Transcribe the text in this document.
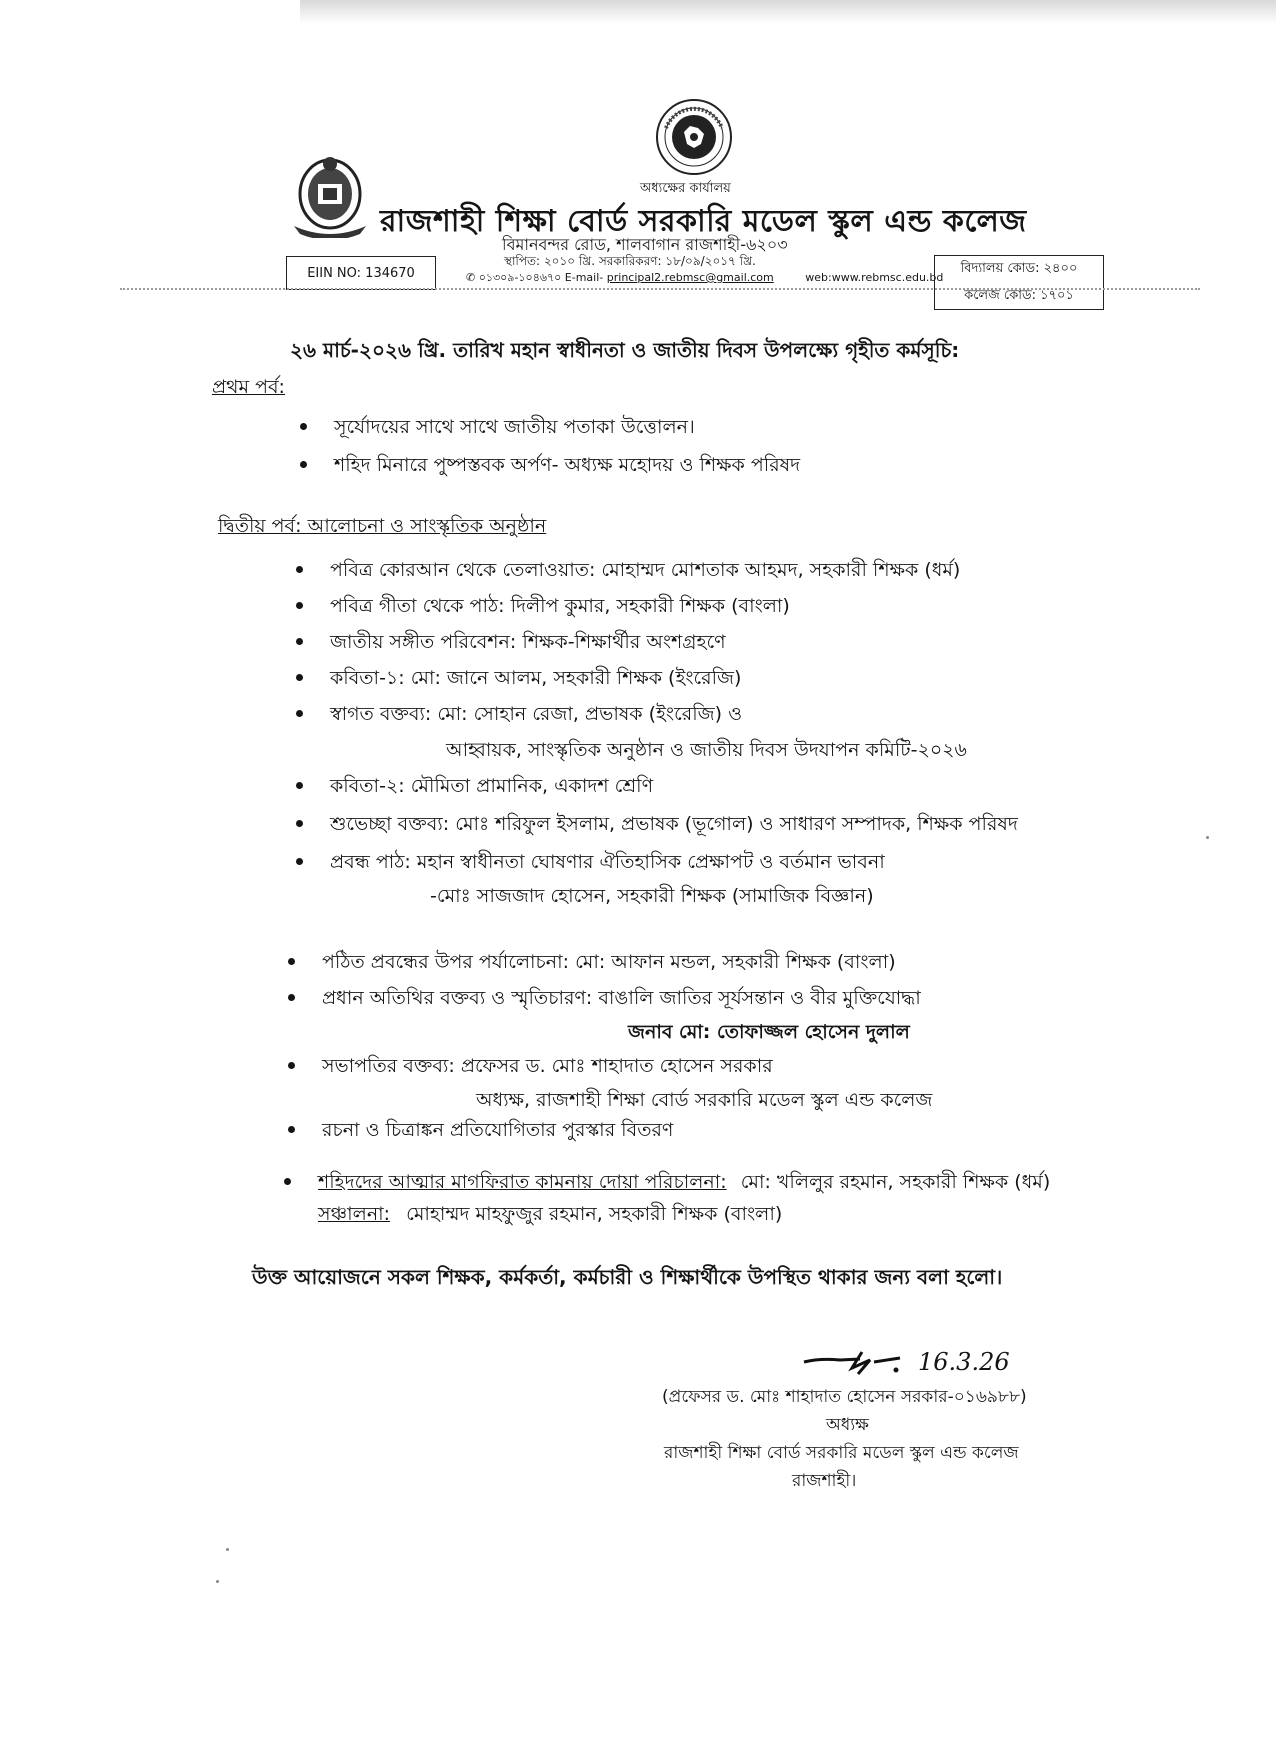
অধ্যক্ষের কার্যালয়
রাজশাহী শিক্ষা বোর্ড সরকারি মডেল স্কুল এন্ড কলেজ
বিমানবন্দর রোড, শালবাগান রাজশাহী-৬২০৩
স্থাপিত: ২০১০ খ্রি. সরকারিকরণ: ১৮/০৯/২০১৭ খ্রি.
✆ ০১৩০৯-১০৪৬৭০ E-mail- principal2.rebmsc@gmail.com	web:www.rebmsc.edu.bd
EIIN NO: 134670	বিদ্যালয় কোড: ২৪০০
কলেজ কোড: ১৭০১
২৬ মার্চ-২০২৬ খ্রি. তারিখ মহান স্বাধীনতা ও জাতীয় দিবস উপলক্ষ্যে গৃহীত কর্মসূচি:
প্রথম পর্ব:
সূর্যোদয়ের সাথে সাথে জাতীয় পতাকা উত্তোলন।
শহিদ মিনারে পুষ্পস্তবক অর্পণ- অধ্যক্ষ মহোদয় ও শিক্ষক পরিষদ
দ্বিতীয় পর্ব: আলোচনা ও সাংস্কৃতিক অনুষ্ঠান
পবিত্র কোরআন থেকে তেলাওয়াত: মোহাম্মদ মোশতাক আহমদ, সহকারী শিক্ষক (ধর্ম)
পবিত্র গীতা থেকে পাঠ: দিলীপ কুমার, সহকারী শিক্ষক (বাংলা)
জাতীয় সঙ্গীত পরিবেশন: শিক্ষক-শিক্ষার্থীর অংশগ্রহণে
কবিতা-১: মো: জানে আলম, সহকারী শিক্ষক (ইংরেজি)
স্বাগত বক্তব্য: মো: সোহান রেজা, প্রভাষক (ইংরেজি) ও
আহ্বায়ক, সাংস্কৃতিক অনুষ্ঠান ও জাতীয় দিবস উদযাপন কমিটি-২০২৬
কবিতা-২: মৌমিতা প্রামানিক, একাদশ শ্রেণি
শুভেচ্ছা বক্তব্য: মোঃ শরিফুল ইসলাম, প্রভাষক (ভূগোল) ও সাধারণ সম্পাদক, শিক্ষক পরিষদ
প্রবন্ধ পাঠ: মহান স্বাধীনতা ঘোষণার ঐতিহাসিক প্রেক্ষাপট ও বর্তমান ভাবনা
-মোঃ সাজজাদ হোসেন, সহকারী শিক্ষক (সামাজিক বিজ্ঞান)
পঠিত প্রবন্ধের উপর পর্যালোচনা: মো: আফান মন্ডল, সহকারী শিক্ষক (বাংলা)
প্রধান অতিথির বক্তব্য ও স্মৃতিচারণ: বাঙালি জাতির সূর্যসন্তান ও বীর মুক্তিযোদ্ধা
জনাব মো: তোফাজ্জল হোসেন দুলাল
সভাপতির বক্তব্য: প্রফেসর ড. মোঃ শাহাদাত হোসেন সরকার
অধ্যক্ষ, রাজশাহী শিক্ষা বোর্ড সরকারি মডেল স্কুল এন্ড কলেজ
রচনা ও চিত্রাঙ্কন প্রতিযোগিতার পুরস্কার বিতরণ
শহিদদের আত্মার মাগফিরাত কামনায় দোয়া পরিচালনা: মো: খলিলুর রহমান, সহকারী শিক্ষক (ধর্ম)
সঞ্চালনা: মোহাম্মদ মাহফুজুর রহমান, সহকারী শিক্ষক (বাংলা)
উক্ত আয়োজনে সকল শিক্ষক, কর্মকর্তা, কর্মচারী ও শিক্ষার্থীকে উপস্থিত থাকার জন্য বলা হলো।
16.3.26
(প্রফেসর ড. মোঃ শাহাদাত হোসেন সরকার-০১৬৯৮৮)
অধ্যক্ষ
রাজশাহী শিক্ষা বোর্ড সরকারি মডেল স্কুল এন্ড কলেজ
রাজশাহী।
